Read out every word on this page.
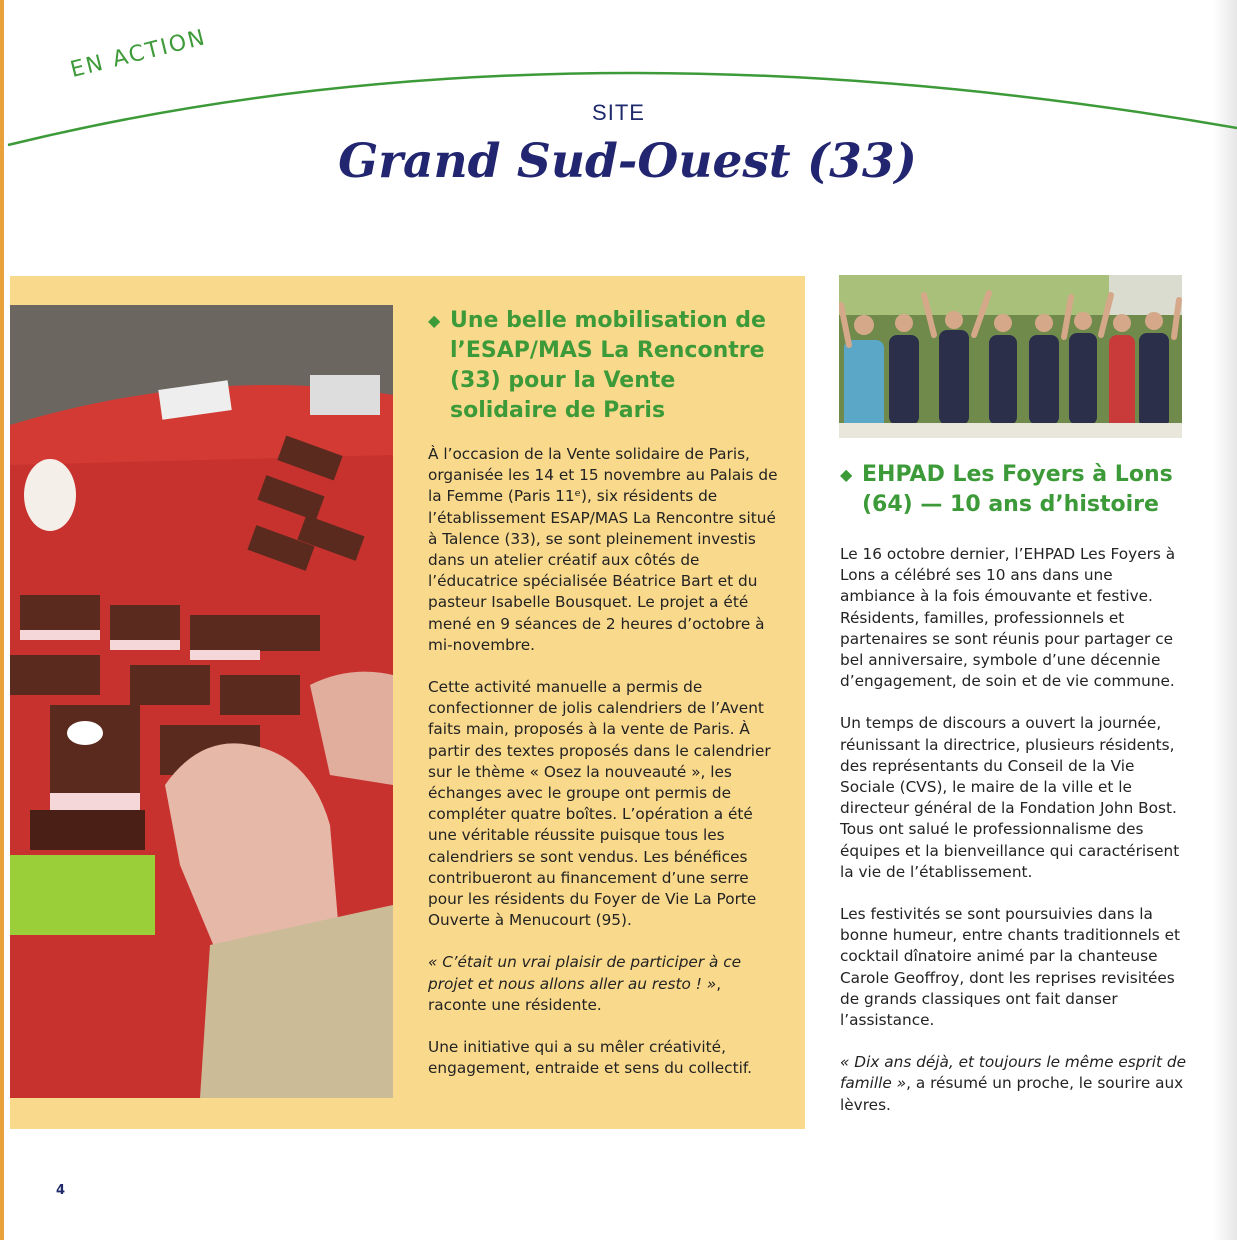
EN ACTION
SITE
Grand Sud-Ouest (33)
◆ Une belle mobilisation de l’ESAP/MAS La Rencontre (33) pour la Vente solidaire de Paris

À l’occasion de la Vente solidaire de Paris, organisée les 14 et 15 novembre au Palais de la Femme (Paris 11ᵉ), six résidents de l’établissement ESAP/MAS La Rencontre situé à Talence (33), se sont pleinement investis dans un atelier créatif aux côtés de l’éducatrice spécialisée Béatrice Bart et du pasteur Isabelle Bousquet. Le projet a été mené en 9 séances de 2 heures d’octobre à mi-novembre.

Cette activité manuelle a permis de confectionner de jolis calendriers de l’Avent faits main, proposés à la vente de Paris. À partir des textes proposés dans le calendrier sur le thème « Osez la nouveauté », les échanges avec le groupe ont permis de compléter quatre boîtes. L’opération a été une véritable réussite puisque tous les calendriers se sont vendus. Les bénéfices contribueront au financement d’une serre pour les résidents du Foyer de Vie La Porte Ouverte à Menucourt (95).

« C’était un vrai plaisir de participer à ce projet et nous allons aller au resto ! », raconte une résidente.

Une initiative qui a su mêler créativité, engagement, entraide et sens du collectif.

◆ EHPAD Les Foyers à Lons (64) — 10 ans d’histoire

Le 16 octobre dernier, l’EHPAD Les Foyers à Lons a célébré ses 10 ans dans une ambiance à la fois émouvante et festive. Résidents, familles, professionnels et partenaires se sont réunis pour partager ce bel anniversaire, symbole d’une décennie d’engagement, de soin et de vie commune.

Un temps de discours a ouvert la journée, réunissant la directrice, plusieurs résidents, des représentants du Conseil de la Vie Sociale (CVS), le maire de la ville et le directeur général de la Fondation John Bost. Tous ont salué le professionnalisme des équipes et la bienveillance qui caractérisent la vie de l’établissement.

Les festivités se sont poursuivies dans la bonne humeur, entre chants traditionnels et cocktail dînatoire animé par la chanteuse Carole Geoffroy, dont les reprises revisitées de grands classiques ont fait danser l’assistance.

« Dix ans déjà, et toujours le même esprit de famille », a résumé un proche, le sourire aux lèvres.

4
